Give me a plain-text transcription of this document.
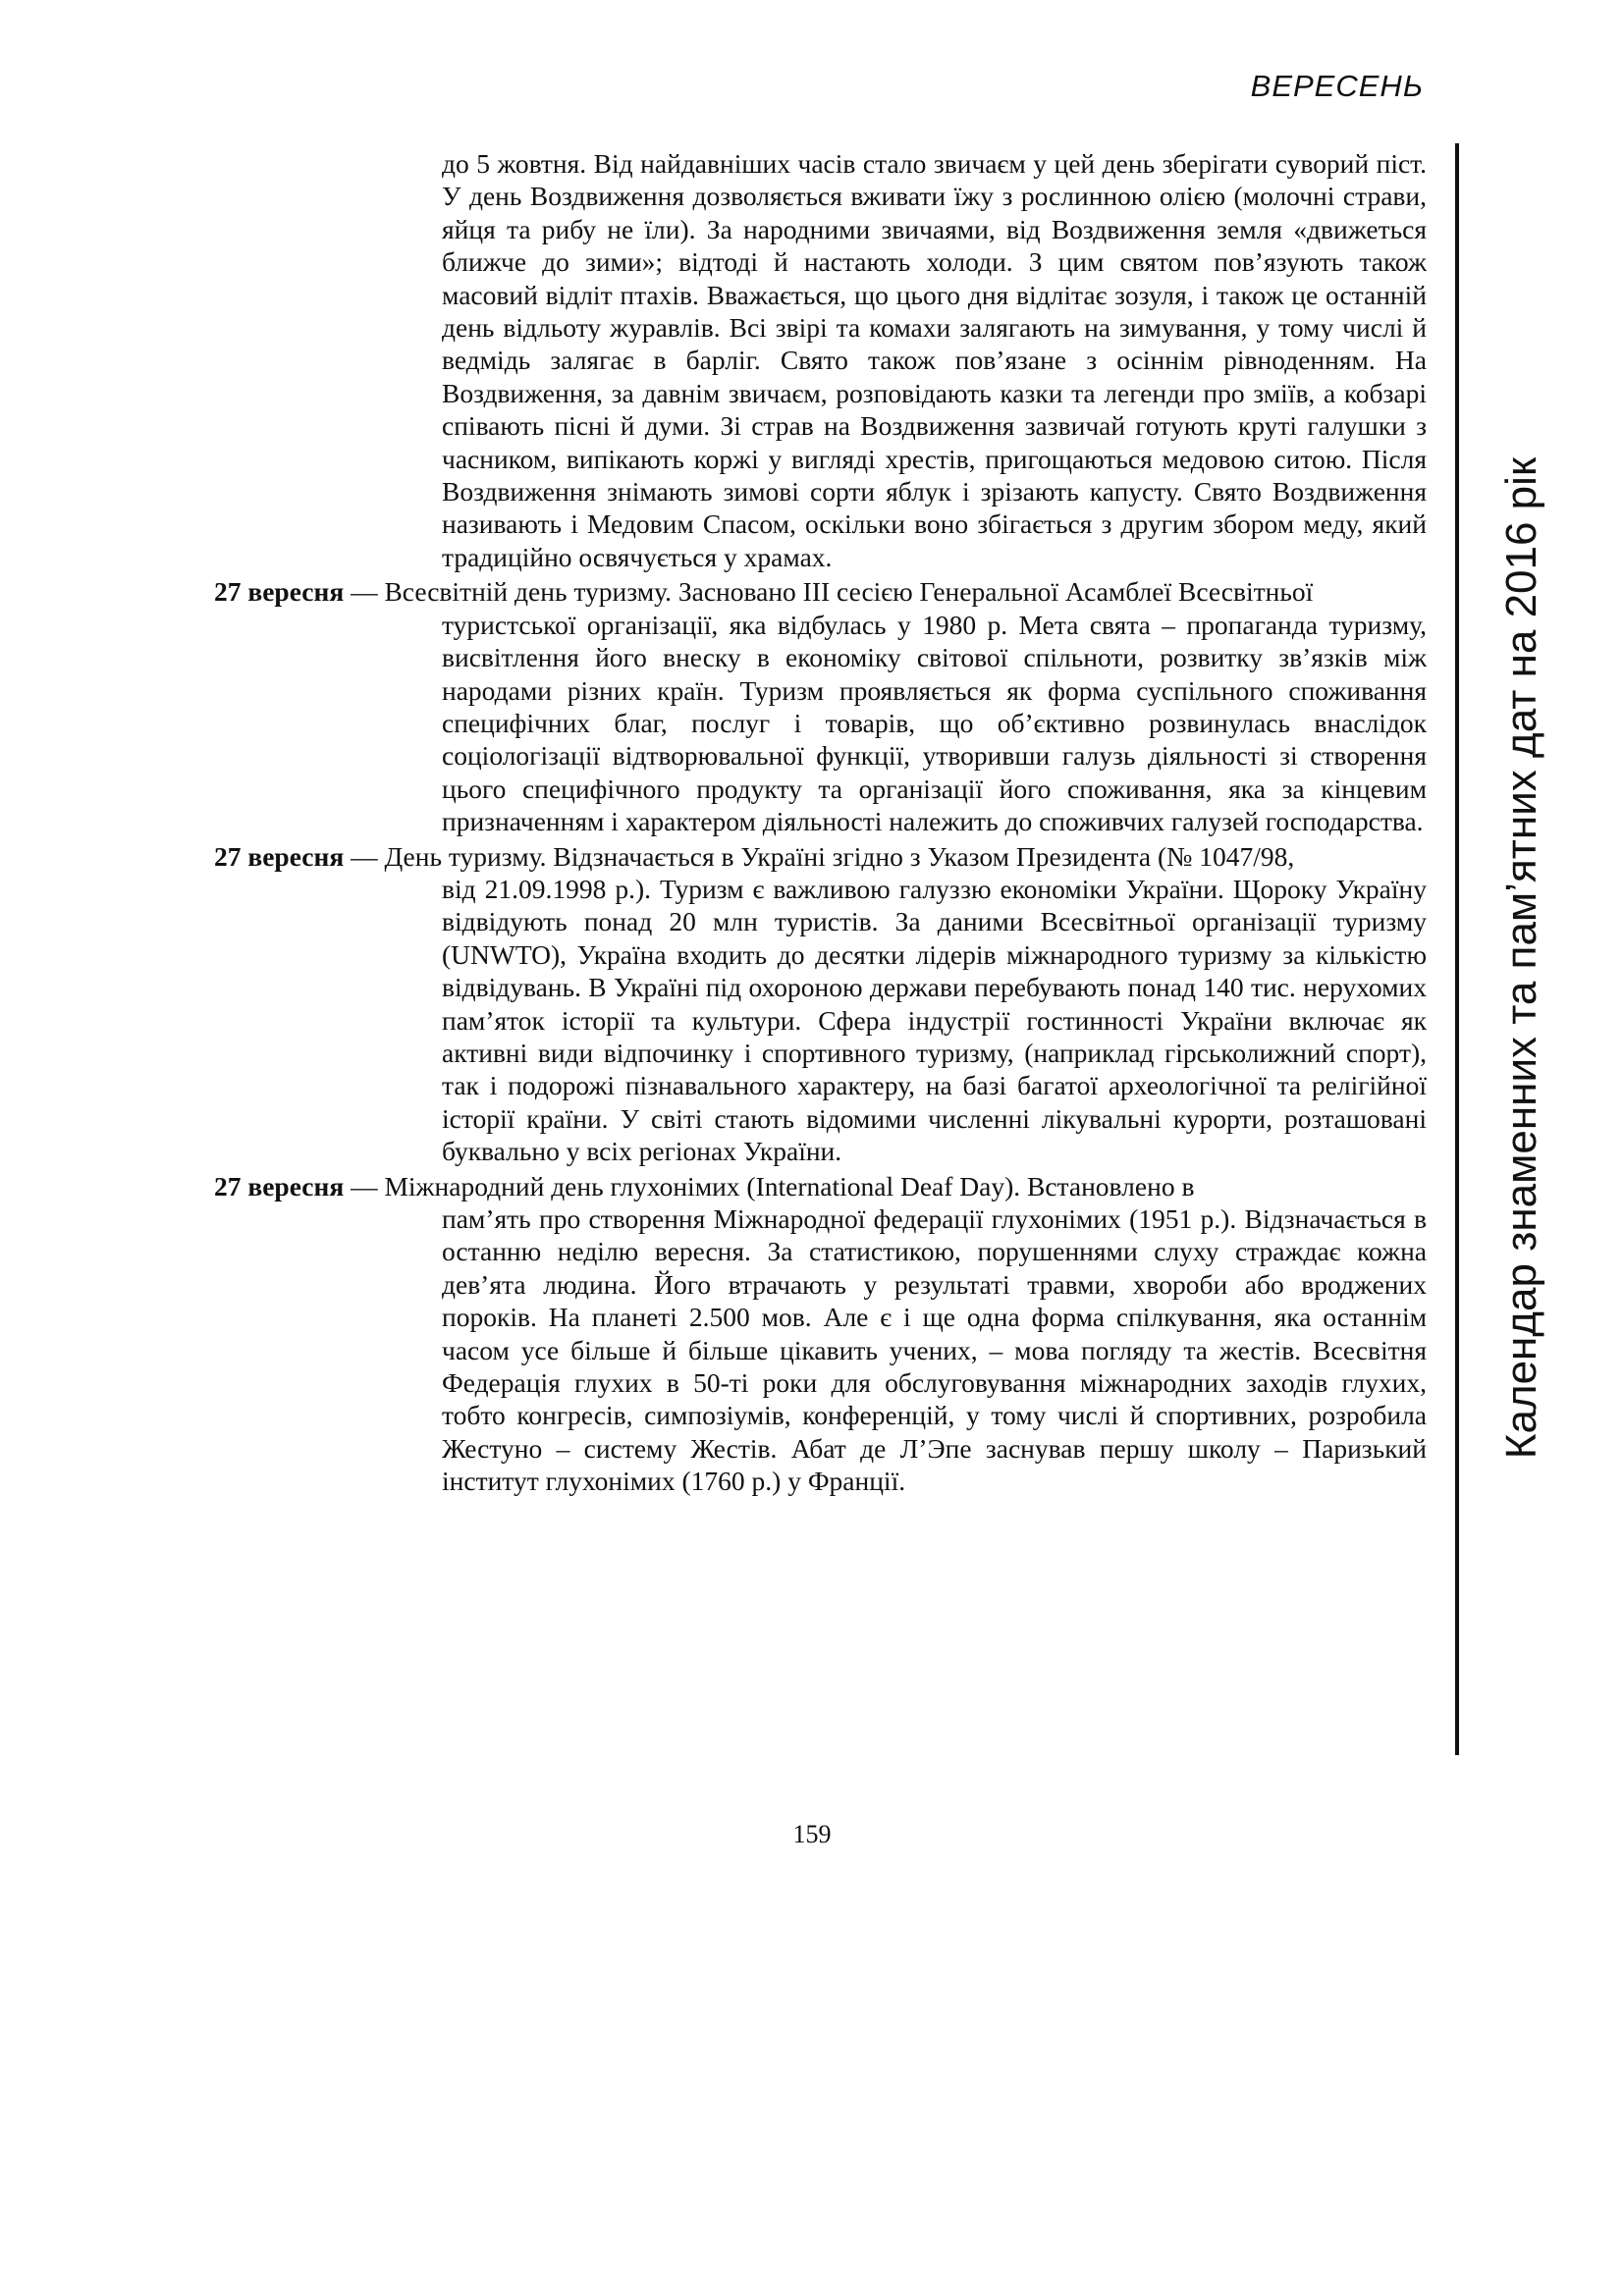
ВЕРЕСЕНЬ
Календар знаменних та пам’ятних дат на 2016 рік

до 5 жовтня. Від найдавніших часів стало звичаєм у цей день зберігати суворий піст. У день Воздвиження дозволяється вживати їжу з рослинною олією (молочні страви, яйця та рибу не їли). За народними звичаями, від Воздвиження земля «движеться ближче до зими»; відтоді й настають холоди. З цим святом пов’язують також масовий відліт птахів. Вважається, що цього дня відлітає зозуля, і також це останній день відльоту журавлів. Всі звірі та комахи залягають на зимування, у тому числі й ведмідь залягає в барліг. Свято також пов’язане з осіннім рівноденням. На Воздвиження, за давнім звичаєм, розповідають казки та легенди про зміїв, а кобзарі співають пісні й думи. Зі страв на Воздвиження зазвичай готують круті галушки з часником, випікають коржі у вигляді хрестів, пригощаються медовою ситою. Після Воздвиження знімають зимові сорти яблук і зрізають капусту. Свято Воздвиження називають і Медовим Спасом, оскільки воно збігається з другим збором меду, який традиційно освячується у храмах.

27 вересня — Всесвітній день туризму. Засновано ІІІ сесією Генеральної Асамблеї Всесвітньої
туристської організації, яка відбулась у 1980 р. Мета свята – пропаганда туризму, висвітлення його внеску в економіку світової спільноти, розвитку зв’язків між народами різних країн. Туризм проявляється як форма суспільного споживання специфічних благ, послуг і товарів, що об’єктивно розвинулась внаслідок соціологізації відтворювальної функції, утворивши галузь діяльності зі створення цього специфічного продукту та організації його споживання, яка за кінцевим призначенням і характером діяльності належить до споживчих галузей господарства.
27 вересня — День туризму. Відзначається в Україні згідно з Указом Президента (№ 1047/98,
від 21.09.1998 р.). Туризм є важливою галуззю економіки України. Щороку Україну відвідують понад 20 млн туристів. За даними Всесвітньої організації туризму (UNWTO), Україна входить до десятки лідерів міжнародного туризму за кількістю відвідувань. В Україні під охороною держави перебувають понад 140 тис. нерухомих пам’яток історії та культури. Сфера індустрії гостинності України включає як активні види відпочинку і спортивного туризму, (наприклад гірськолижний спорт), так і подорожі пізнавального характеру, на базі багатої археологічної та релігійної історії країни. У світі стають відомими численні лікувальні курорти, розташовані буквально у всіх регіонах України.
27 вересня — Міжнародний день глухонімих (International Deaf Day). Встановлено в
пам’ять про створення Міжнародної федерації глухонімих (1951 р.). Відзначається в останню неділю вересня. За статистикою, порушеннями слуху страждає кожна дев’ята людина. Його втрачають у результаті травми, хвороби або вроджених пороків. На планеті 2.500 мов. Але є і ще одна форма спілкування, яка останнім часом усе більше й більше цікавить учених, – мова погляду та жестів. Всесвітня Федерація глухих в 50-ті роки для обслуговування міжнародних заходів глухих, тобто конгресів, симпозіумів, конференцій, у тому числі й спортивних, розробила Жестуно – систему Жестів. Абат де Л’Эпе заснував першу школу – Паризький інститут глухонімих (1760 р.) у Франції.
159
